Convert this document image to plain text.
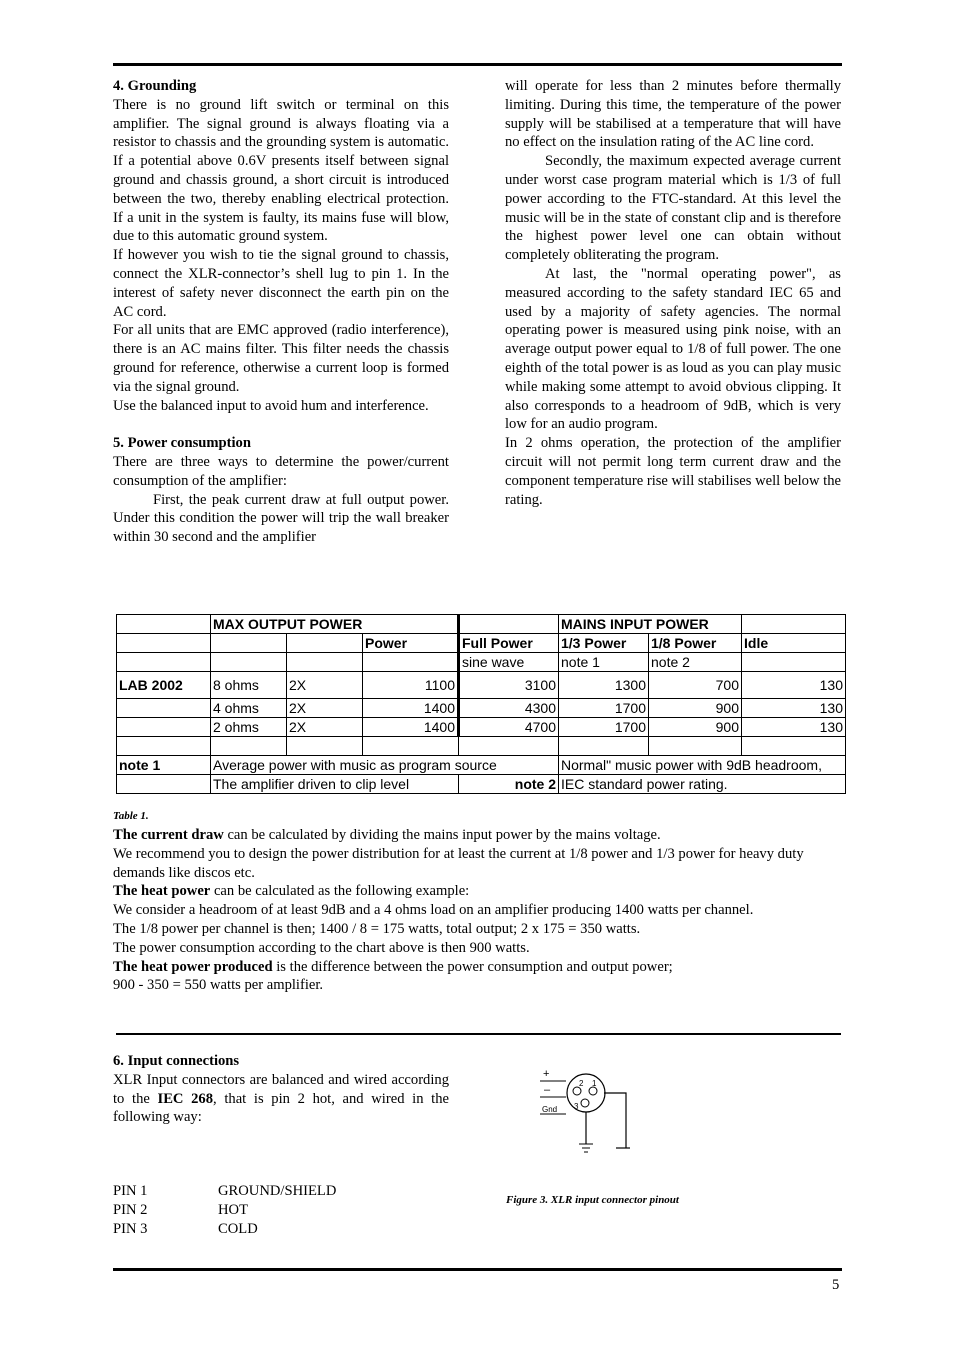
4. Grounding

There is no ground lift switch or terminal on this amplifier. The signal ground is always floating via a resistor to chassis and the grounding system is automatic. If a potential above 0.6V presents itself between signal ground and chassis ground, a short circuit is introduced between the two, thereby enabling electrical protection. If a unit in the system is faulty, its mains fuse will blow, due to this automatic ground system.

If however you wish to tie the signal ground to chassis, connect the XLR-connector’s shell lug to pin 1. In the interest of safety never disconnect the earth pin on the AC cord.

For all units that are EMC approved (radio interference), there is an AC mains filter. This filter needs the chassis ground for reference, otherwise a current loop is formed via the signal ground.

Use the balanced input to avoid hum and interference.

5. Power consumption

There are three ways to determine the power/current consumption of the amplifier:

First, the peak current draw at full output power. Under this condition the power will trip the wall breaker within 30 second and the amplifier

will operate for less than 2 minutes before thermally limiting. During this time, the temperature of the power supply will be stabilised at a temperature that will have no effect on the insulation rating of the AC line cord.

Secondly, the maximum expected average current under worst case program material which is 1/3 of full power according to the FTC-standard. At this level the music will be in the state of constant clip and is therefore the highest power level one can obtain without completely obliterating the program.

At last, the "normal operating power", as measured according to the safety standard IEC 65 and used by a majority of safety agencies. The normal operating power is measured using pink noise, with an average output power equal to 1/8 of full power. The one eighth of the total power is as loud as you can play music while making some attempt to avoid obvious clipping. It also corresponds to a headroom of 9dB, which is very low for an audio program.

In 2 ohms operation, the protection of the amplifier circuit will not permit long term current draw and the component temperature rise will stabilises well below the rating.

	MAX OUTPUT POWER				MAINS INPUT POWER		
			Power	Full Power	1/3 Power	1/8 Power	Idle
				sine wave	note 1	note 2	
LAB 2002	8 ohms	2X	1100	3100	1300	700	130
	4 ohms	2X	1400	4300	1700	900	130
	2 ohms	2X	1400	4700	1700	900	130

note 1	Average power with music as program source				Normal" music power with 9dB headroom,		
	The amplifier driven to clip level			note 2	IEC standard power rating.		
Table 1.

The current draw can be calculated by dividing the mains input power by the mains voltage.

We recommend you to design the power distribution for at least the current at 1/8 power and 1/3 power for heavy duty demands like discos etc.

The heat power can be calculated as the following example:

We consider a headroom of at least 9dB and a 4 ohms load on an amplifier producing 1400 watts per channel.

The 1/8 power per channel is then; 1400 / 8 = 175 watts, total output; 2 x 175 = 350 watts.

The power consumption according to the chart above is then 900 watts.

The heat power produced is the difference between the power consumption and output power;

900 - 350 = 550 watts per amplifier.

6. Input connections

XLR Input connectors are balanced and wired according to the IEC 268, that is pin 2 hot, and wired in the following way:

+
–
Gnd
2 1
3
PIN 1	GROUND/SHIELD
PIN 2	HOT
PIN 3	COLD
Figure 3. XLR input connector pinout
5
